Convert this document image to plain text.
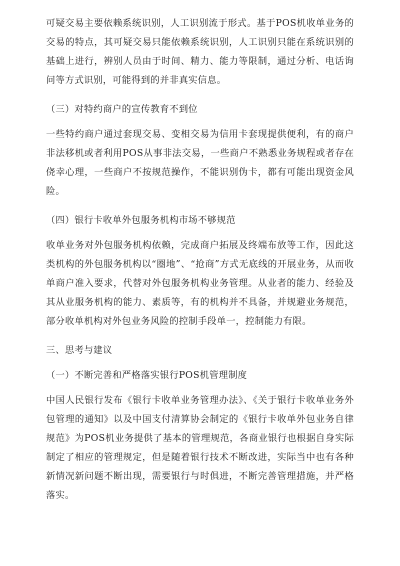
可疑交易主要依赖系统识别，人工识别流于形式。基于POS机收单业务的交易的特点，其可疑交易只能依赖系统识别，人工识别只能在系统识别的基础上进行，辨别人员由于时间、精力、能力等限制，通过分析、电话询问等方式识别，可能得到的并非真实信息。

（三）对特约商户的宣传教育不到位

一些特约商户通过套现交易、变相交易为信用卡套现提供便利，有的商户非法移机或者利用POS从事非法交易，一些商户不熟悉业务规程或者存在侥幸心理，一些商户不按规范操作，不能识别伪卡，都有可能出现资金风险。

（四）银行卡收单外包服务机构市场不够规范

收单业务对外包服务机构依赖，完成商户拓展及终端布放等工作，因此这类机构的外包服务机构以“圈地”、“抢商”方式无底线的开展业务，从而收单商户准入要求，代替对外包服务机构业务管理。从业者的能力、经验及其从业服务机构的能力、素质等，有的机构并不具备，并规避业务规范，部分收单机构对外包业务风险的控制手段单一，控制能力有限。

三、思考与建议

（一）不断完善和严格落实银行POS机管理制度

中国人民银行发布《银行卡收单业务管理办法》、《关于银行卡收单业务外包管理的通知》以及中国支付清算协会制定的《银行卡收单外包业务自律规范》为POS机业务提供了基本的管理规范，各商业银行也根据自身实际制定了相应的管理规定，但是随着银行技术不断改进，实际当中也有各种新情况新问题不断出现，需要银行与时俱进，不断完善管理措施，并严格落实。
